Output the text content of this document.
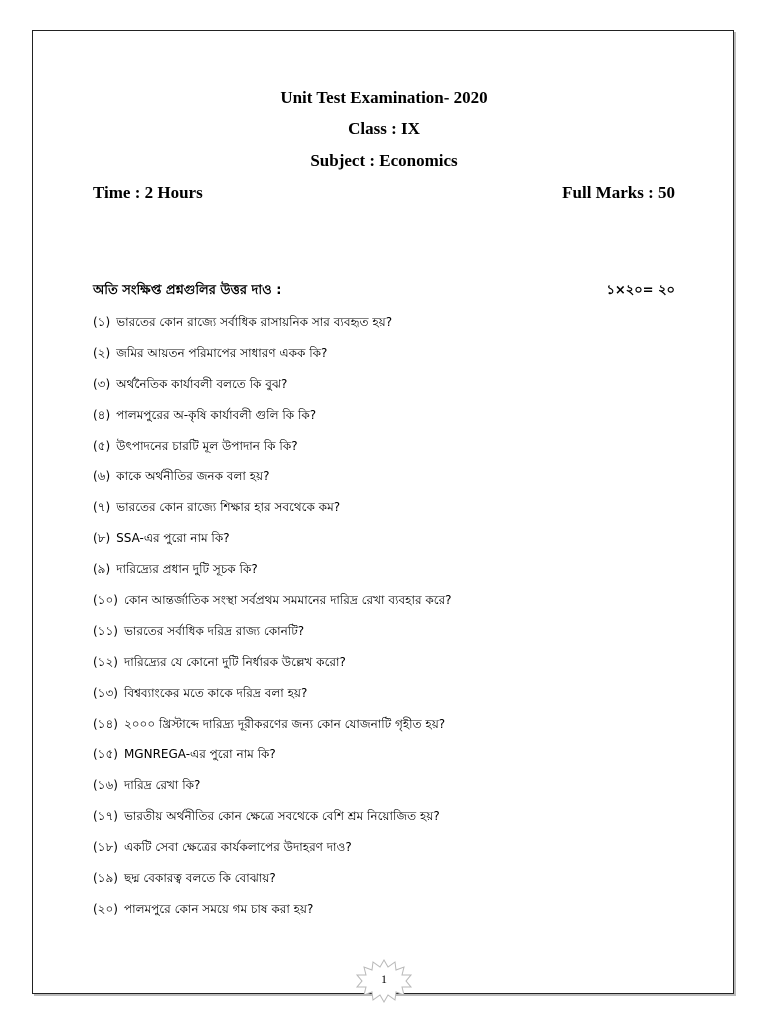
Unit Test Examination- 2020
Class : IX
Subject : Economics
Time : 2 Hours	Full Marks : 50
অতি সংক্ষিপ্ত প্রশ্নগুলির উত্তর দাও :	১×২০= ২০
(১) ভারতের কোন রাজ্যে সর্বাধিক রাসায়নিক সার ব্যবহৃত হয়?
(২) জমির আয়তন পরিমাপের সাধারণ একক কি?
(৩) অর্থনৈতিক কার্যাবলী বলতে কি বুঝ?
(৪) পালমপুরের অ-কৃষি কার্যাবলী গুলি কি কি?
(৫) উৎপাদনের চারটি মূল উপাদান কি কি?
(৬) কাকে অর্থনীতির জনক বলা হয়?
(৭) ভারতের কোন রাজ্যে শিক্ষার হার সবথেকে কম?
(৮) SSA-এর পুরো নাম কি?
(৯) দারিদ্র্যের প্রধান দুটি সূচক কি?
(১০) কোন আন্তর্জাতিক সংস্থা সর্বপ্রথম সমমানের দারিদ্র রেখা ব্যবহার করে?
(১১) ভারতের সর্বাধিক দরিদ্র রাজ্য কোনটি?
(১২) দারিদ্র্যের যে কোনো দুটি নির্ধারক উল্লেখ করো?
(১৩) বিশ্বব্যাংকের মতে কাকে দরিদ্র বলা হয়?
(১৪) ২০০০ খ্রিস্টাব্দে দারিদ্র্য দূরীকরণের জন্য কোন যোজনাটি গৃহীত হয়?
(১৫) MGNREGA-এর পুরো নাম কি?
(১৬) দারিদ্র রেখা কি?
(১৭) ভারতীয় অর্থনীতির কোন ক্ষেত্রে সবথেকে বেশি শ্রম নিয়োজিত হয়?
(১৮) একটি সেবা ক্ষেত্রের কার্যকলাপের উদাহরণ দাও?
(১৯) ছদ্ম বেকারত্ব বলতে কি বোঝায়?
(২০) পালমপুরে কোন সময়ে গম চাষ করা হয়?
1
